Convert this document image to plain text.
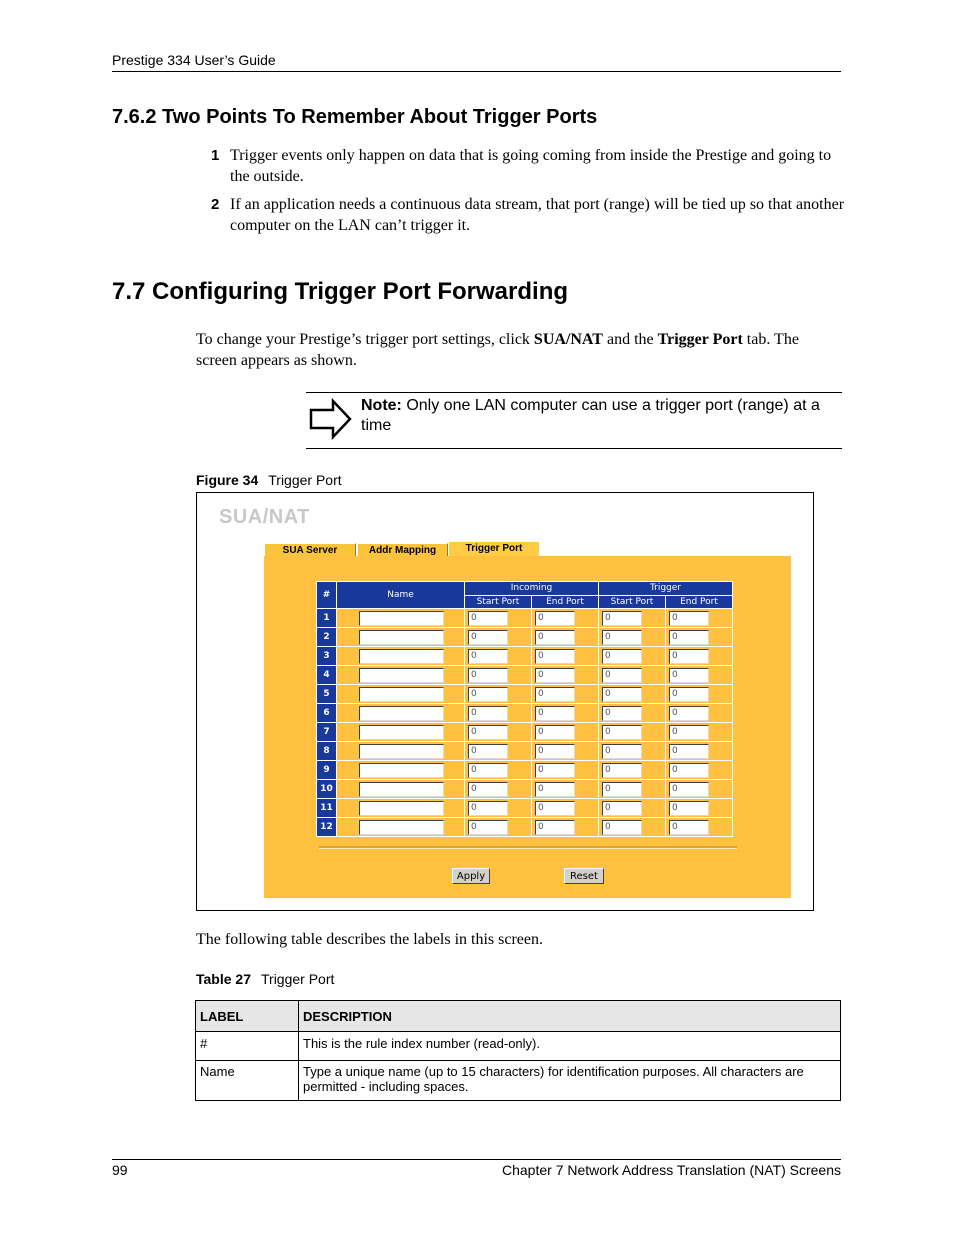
Prestige 334 User’s Guide
7.6.2 Two Points To Remember About Trigger Ports
1 Trigger events only happen on data that is going coming from inside the Prestige and going to the outside.
2 If an application needs a continuous data stream, that port (range) will be tied up so that another computer on the LAN can’t trigger it.
7.7 Configuring Trigger Port Forwarding
To change your Prestige’s trigger port settings, click SUA/NAT and the Trigger Port tab. The screen appears as shown.
Note: Only one LAN computer can use a trigger port (range) at a time
Figure 34 Trigger Port
SUA/NAT
SUA Server	Addr Mapping	Trigger Port
#	Name	Incoming		Trigger	
		Start Port	End Port	Start Port	End Port
1		0	0	0	0

2		0	0	0	0

3		0	0	0	0

4		0	0	0	0

5		0	0	0	0

6		0	0	0	0

7		0	0	0	0

8		0	0	0	0

9		0	0	0	0

10		0	0	0	0

11		0	0	0	0

12		0	0	0	0
Apply	Reset
The following table describes the labels in this screen.
Table 27 Trigger Port
LABEL	DESCRIPTION
#	This is the rule index number (read-only).
Name	Type a unique name (up to 15 characters) for identification purposes. All characters are permitted - including spaces.
99	Chapter 7 Network Address Translation (NAT) Screens
